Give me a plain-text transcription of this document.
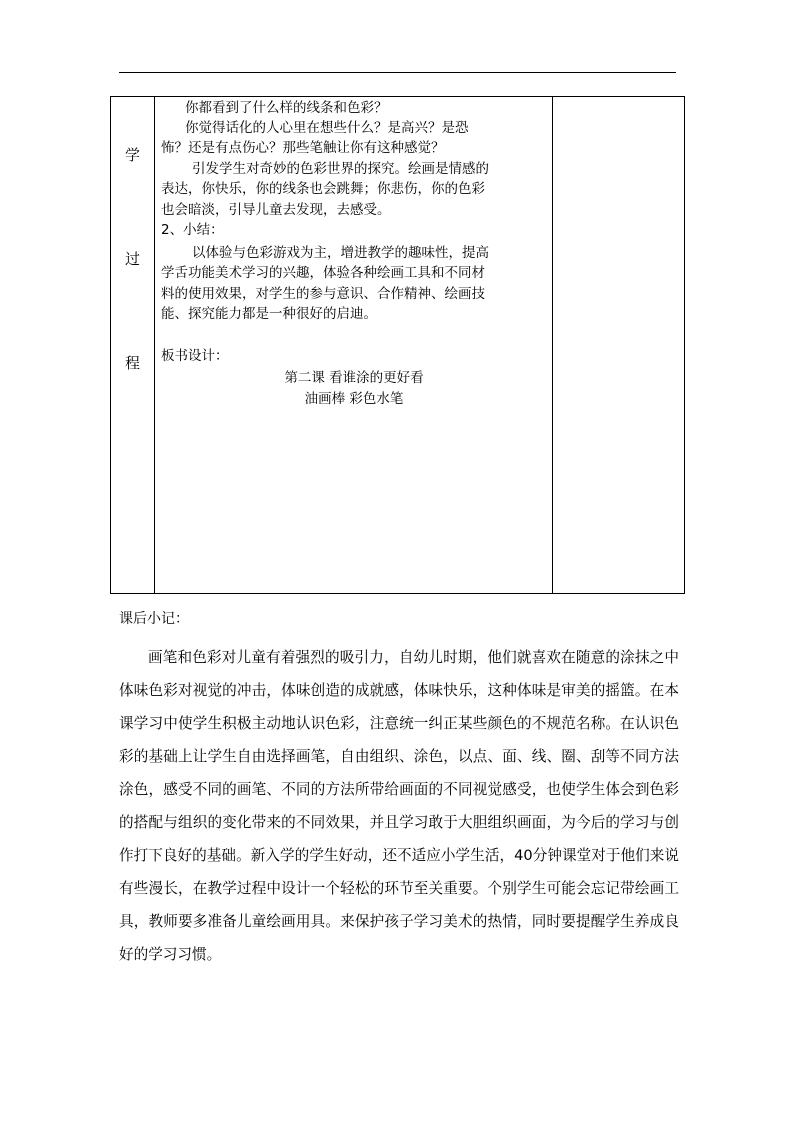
学
过
程
你都看到了什么样的线条和色彩？
你觉得话化的人心里在想些什么？是高兴？是恐
怖？还是有点伤心？那些笔触让你有这种感觉？
引发学生对奇妙的色彩世界的探究。绘画是情感的
表达，你快乐，你的线条也会跳舞；你悲伤，你的色彩
也会暗淡，引导儿童去发现，去感受。
2、小结：
以体验与色彩游戏为主，增进教学的趣味性，提高
学舌功能美术学习的兴趣，体验各种绘画工具和不同材
料的使用效果，对学生的参与意识、合作精神、绘画技
能、探究能力都是一种很好的启迪。
板书设计：
第二课 看谁涂的更好看
油画棒 彩色水笔
课后小记：

画笔和色彩对儿童有着强烈的吸引力，自幼儿时期，他们就喜欢在随意的涂抹之中体味色彩对视觉的冲击，体味创造的成就感，体味快乐，这种体味是审美的摇篮。在本课学习中使学生积极主动地认识色彩，注意统一纠正某些颜色的不规范名称。在认识色彩的基础上让学生自由选择画笔，自由组织、涂色，以点、面、线、圈、刮等不同方法涂色，感受不同的画笔、不同的方法所带给画面的不同视觉感受，也使学生体会到色彩的搭配与组织的变化带来的不同效果，并且学习敢于大胆组织画面，为今后的学习与创作打下良好的基础。新入学的学生好动，还不适应小学生活，40分钟课堂对于他们来说有些漫长，在教学过程中设计一个轻松的环节至关重要。个别学生可能会忘记带绘画工具，教师要多准备儿童绘画用具。来保护孩子学习美术的热情，同时要提醒学生养成良好的学习习惯。
